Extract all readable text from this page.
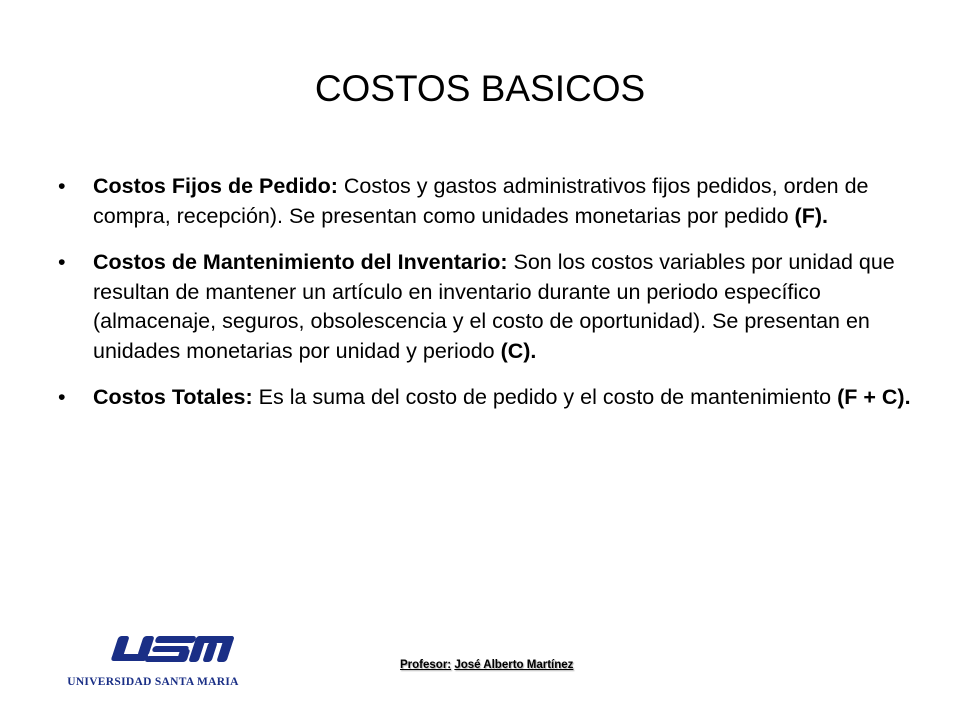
COSTOS BASICOS
• Costos Fijos de Pedido: Costos y gastos administrativos fijos pedidos, orden de compra, recepción). Se presentan como unidades monetarias por pedido (F).
• Costos de Mantenimiento del Inventario: Son los costos variables por unidad que resultan de mantener un artículo en inventario durante un periodo específico (almacenaje, seguros, obsolescencia y el costo de oportunidad). Se presentan en unidades monetarias por unidad y periodo (C).
• Costos Totales: Es la suma del costo de pedido y el costo de mantenimiento (F + C).
UNIVERSIDAD SANTA MARIA
Profesor: José Alberto Martínez
